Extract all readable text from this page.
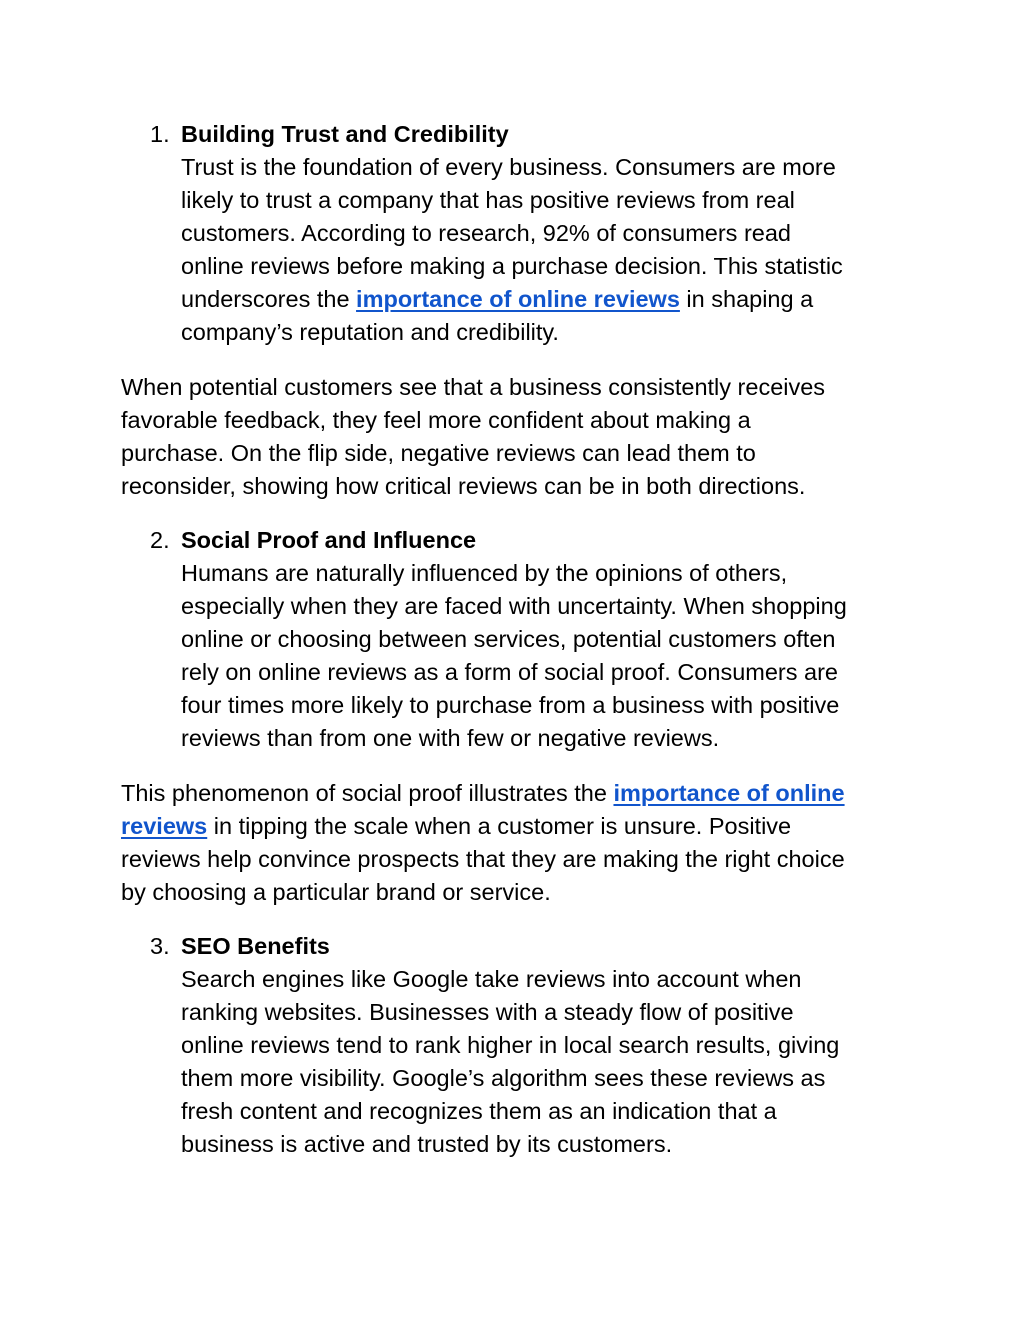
1. Building Trust and Credibility
Trust is the foundation of every business. Consumers are more
likely to trust a company that has positive reviews from real
customers. According to research, 92% of consumers read
online reviews before making a purchase decision. This statistic
underscores the importance of online reviews in shaping a
company’s reputation and credibility.
When potential customers see that a business consistently receives
favorable feedback, they feel more confident about making a
purchase. On the flip side, negative reviews can lead them to
reconsider, showing how critical reviews can be in both directions.
2. Social Proof and Influence
Humans are naturally influenced by the opinions of others,
especially when they are faced with uncertainty. When shopping
online or choosing between services, potential customers often
rely on online reviews as a form of social proof. Consumers are
four times more likely to purchase from a business with positive
reviews than from one with few or negative reviews.
This phenomenon of social proof illustrates the importance of online
reviews in tipping the scale when a customer is unsure. Positive
reviews help convince prospects that they are making the right choice
by choosing a particular brand or service.
3. SEO Benefits
Search engines like Google take reviews into account when
ranking websites. Businesses with a steady flow of positive
online reviews tend to rank higher in local search results, giving
them more visibility. Google’s algorithm sees these reviews as
fresh content and recognizes them as an indication that a
business is active and trusted by its customers.
